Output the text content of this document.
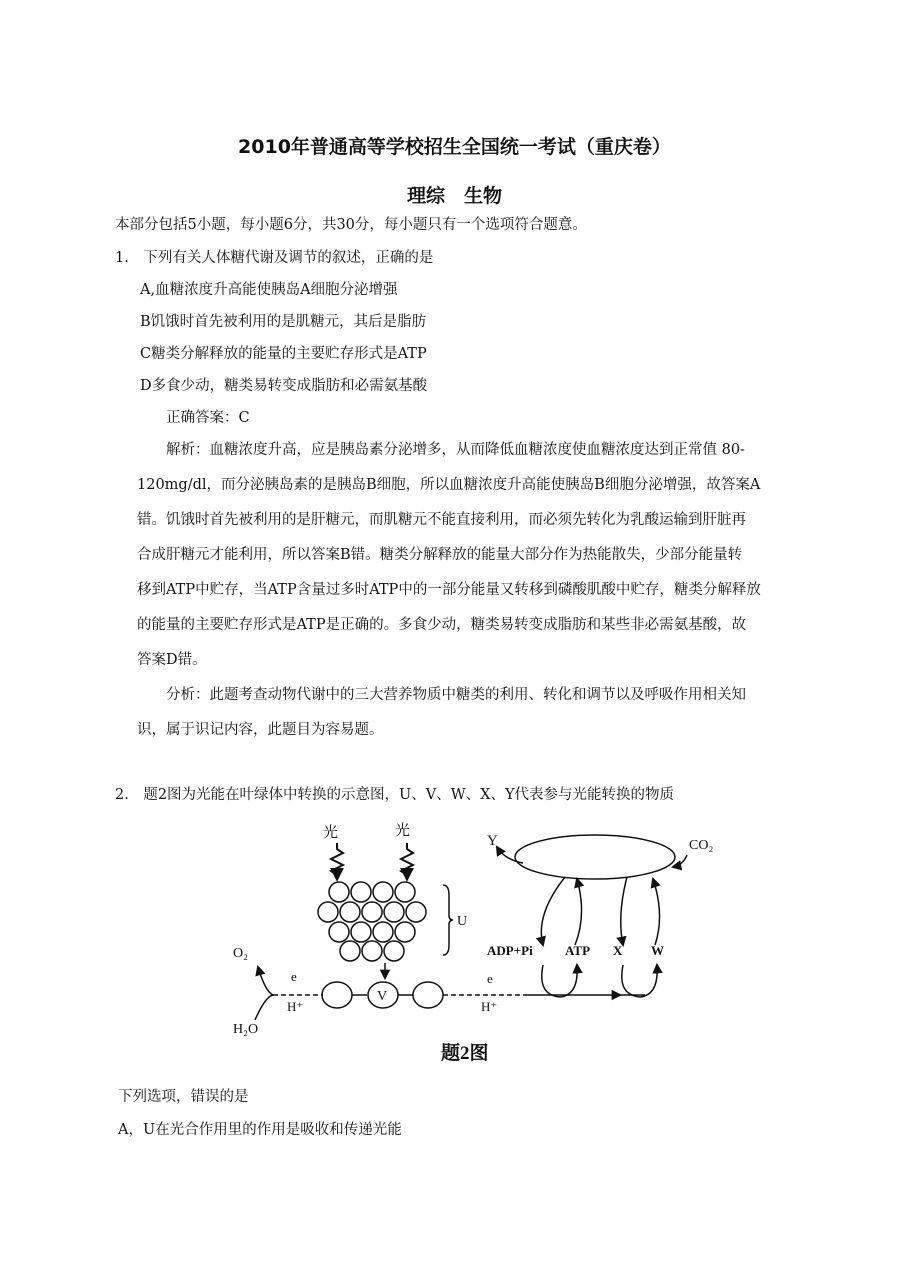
2010年普通高等学校招生全国统一考试（重庆卷）
理综　生物
本部分包括5小题，每小题6分，共30分，每小题只有一个选项符合题意。
1.　下列有关人体糖代谢及调节的叙述，正确的是
A,血糖浓度升高能使胰岛A细胞分泌增强
B饥饿时首先被利用的是肌糖元，其后是脂肪
C糖类分解释放的能量的主要贮存形式是ATP
D多食少动，糖类易转变成脂肪和必需氨基酸
正确答案：C
解析：血糖浓度升高，应是胰岛素分泌增多，从而降低血糖浓度使血糖浓度达到正常值 80-
120mg/dl，而分泌胰岛素的是胰岛B细胞，所以血糖浓度升高能使胰岛B细胞分泌增强，故答案A
错。饥饿时首先被利用的是肝糖元，而肌糖元不能直接利用，而必须先转化为乳酸运输到肝脏再
合成肝糖元才能利用，所以答案B错。糖类分解释放的能量大部分作为热能散失，少部分能量转
移到ATP中贮存，当ATP含量过多时ATP中的一部分能量又转移到磷酸肌酸中贮存，糖类分解释放
的能量的主要贮存形式是ATP是正确的。多食少动，糖类易转变成脂肪和某些非必需氨基酸，故
答案D错。
分析：此题考查动物代谢中的三大营养物质中糖类的利用、转化和调节以及呼吸作用相关知
识，属于识记内容，此题目为容易题。
2.　题2图为光能在叶绿体中转换的示意图，U、V、W、X、Y代表参与光能转换的物质
光	光
U
O₂
H₂O
e
H⁺
V
e
H⁺
Y	CO₂
ADP+Pi ATP X W
题2图
下列选项，错误的是
A，U在光合作用里的作用是吸收和传递光能
